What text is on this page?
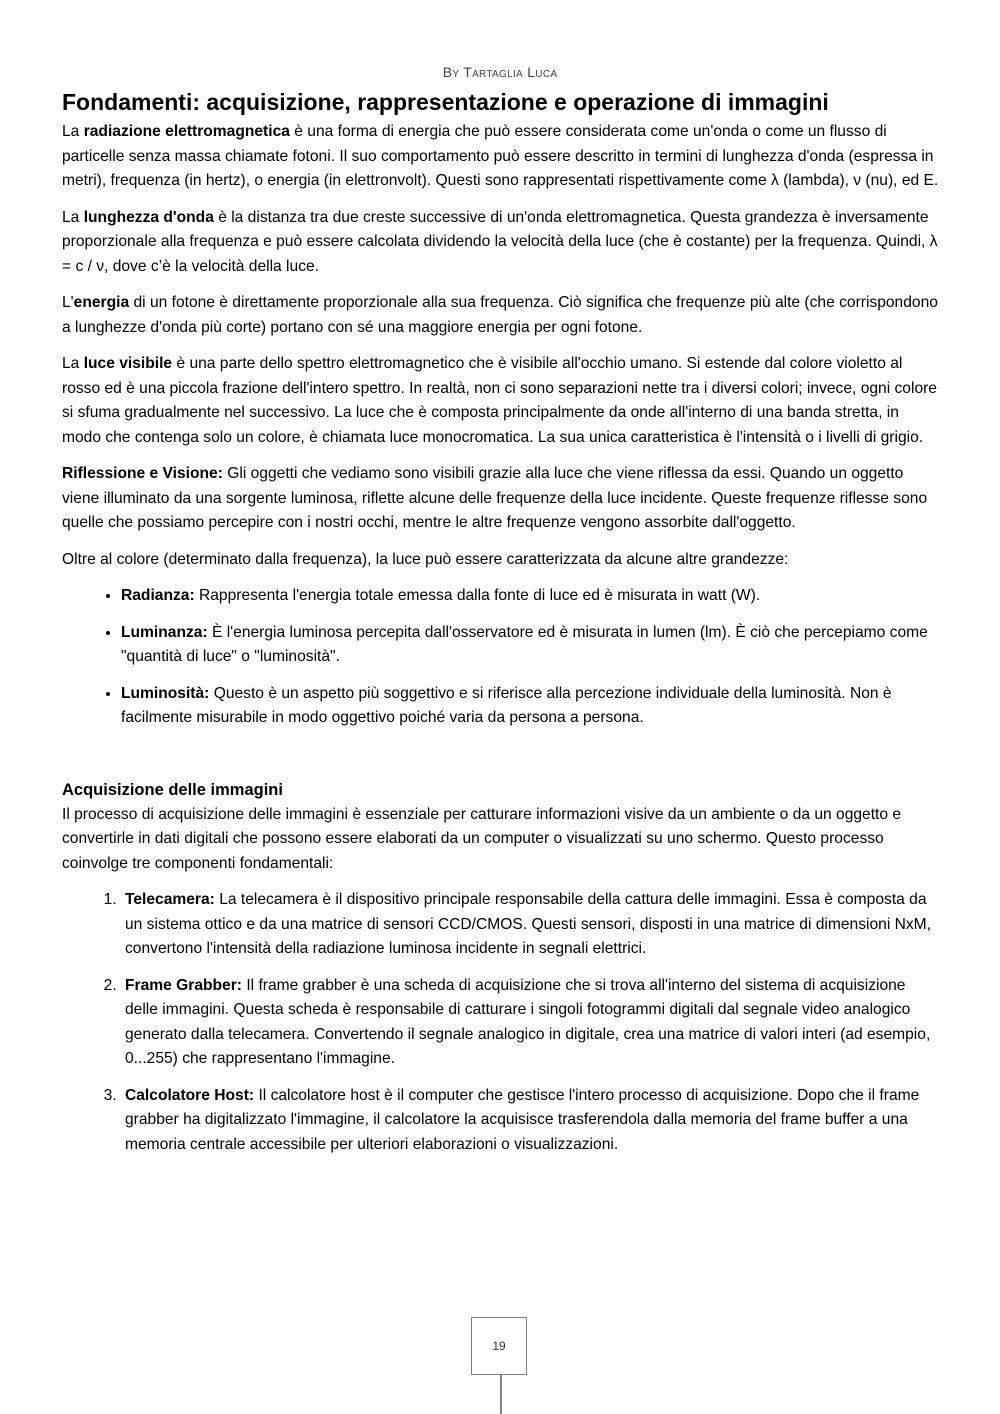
By Tartaglia Luca
Fondamenti: acquisizione, rappresentazione e operazione di immagini

La radiazione elettromagnetica è una forma di energia che può essere considerata come un'onda o come un flusso di particelle senza massa chiamate fotoni. Il suo comportamento può essere descritto in termini di lunghezza d'onda (espressa in metri), frequenza (in hertz), o energia (in elettronvolt). Questi sono rappresentati rispettivamente come λ (lambda), ν (nu), ed E.

La lunghezza d'onda è la distanza tra due creste successive di un'onda elettromagnetica. Questa grandezza è inversamente proporzionale alla frequenza e può essere calcolata dividendo la velocità della luce (che è costante) per la frequenza. Quindi, λ = c / ν, dove c’è la velocità della luce.

L'energia di un fotone è direttamente proporzionale alla sua frequenza. Ciò significa che frequenze più alte (che corrispondono a lunghezze d'onda più corte) portano con sé una maggiore energia per ogni fotone.

La luce visibile è una parte dello spettro elettromagnetico che è visibile all'occhio umano. Si estende dal colore violetto al rosso ed è una piccola frazione dell'intero spettro. In realtà, non ci sono separazioni nette tra i diversi colori; invece, ogni colore si sfuma gradualmente nel successivo. La luce che è composta principalmente da onde all'interno di una banda stretta, in modo che contenga solo un colore, è chiamata luce monocromatica. La sua unica caratteristica è l'intensità o i livelli di grigio.

Riflessione e Visione: Gli oggetti che vediamo sono visibili grazie alla luce che viene riflessa da essi. Quando un oggetto viene illuminato da una sorgente luminosa, riflette alcune delle frequenze della luce incidente. Queste frequenze riflesse sono quelle che possiamo percepire con i nostri occhi, mentre le altre frequenze vengono assorbite dall'oggetto.

Oltre al colore (determinato dalla frequenza), la luce può essere caratterizzata da alcune altre grandezze:

• Radianza: Rappresenta l'energia totale emessa dalla fonte di luce ed è misurata in watt (W).
• Luminanza: È l'energia luminosa percepita dall'osservatore ed è misurata in lumen (lm). È ciò che percepiamo come "quantità di luce" o "luminosità".
• Luminosità: Questo è un aspetto più soggettivo e si riferisce alla percezione individuale della luminosità. Non è facilmente misurabile in modo oggettivo poiché varia da persona a persona.
Acquisizione delle immagini

Il processo di acquisizione delle immagini è essenziale per catturare informazioni visive da un ambiente o da un oggetto e convertirle in dati digitali che possono essere elaborati da un computer o visualizzati su uno schermo. Questo processo coinvolge tre componenti fondamentali:

1. Telecamera: La telecamera è il dispositivo principale responsabile della cattura delle immagini. Essa è composta da un sistema ottico e da una matrice di sensori CCD/CMOS. Questi sensori, disposti in una matrice di dimensioni NxM, convertono l'intensità della radiazione luminosa incidente in segnali elettrici.
2. Frame Grabber: Il frame grabber è una scheda di acquisizione che si trova all'interno del sistema di acquisizione delle immagini. Questa scheda è responsabile di catturare i singoli fotogrammi digitali dal segnale video analogico generato dalla telecamera. Convertendo il segnale analogico in digitale, crea una matrice di valori interi (ad esempio, 0...255) che rappresentano l'immagine.
3. Calcolatore Host: Il calcolatore host è il computer che gestisce l'intero processo di acquisizione. Dopo che il frame grabber ha digitalizzato l'immagine, il calcolatore la acquisisce trasferendola dalla memoria del frame buffer a una memoria centrale accessibile per ulteriori elaborazioni o visualizzazioni.
19
